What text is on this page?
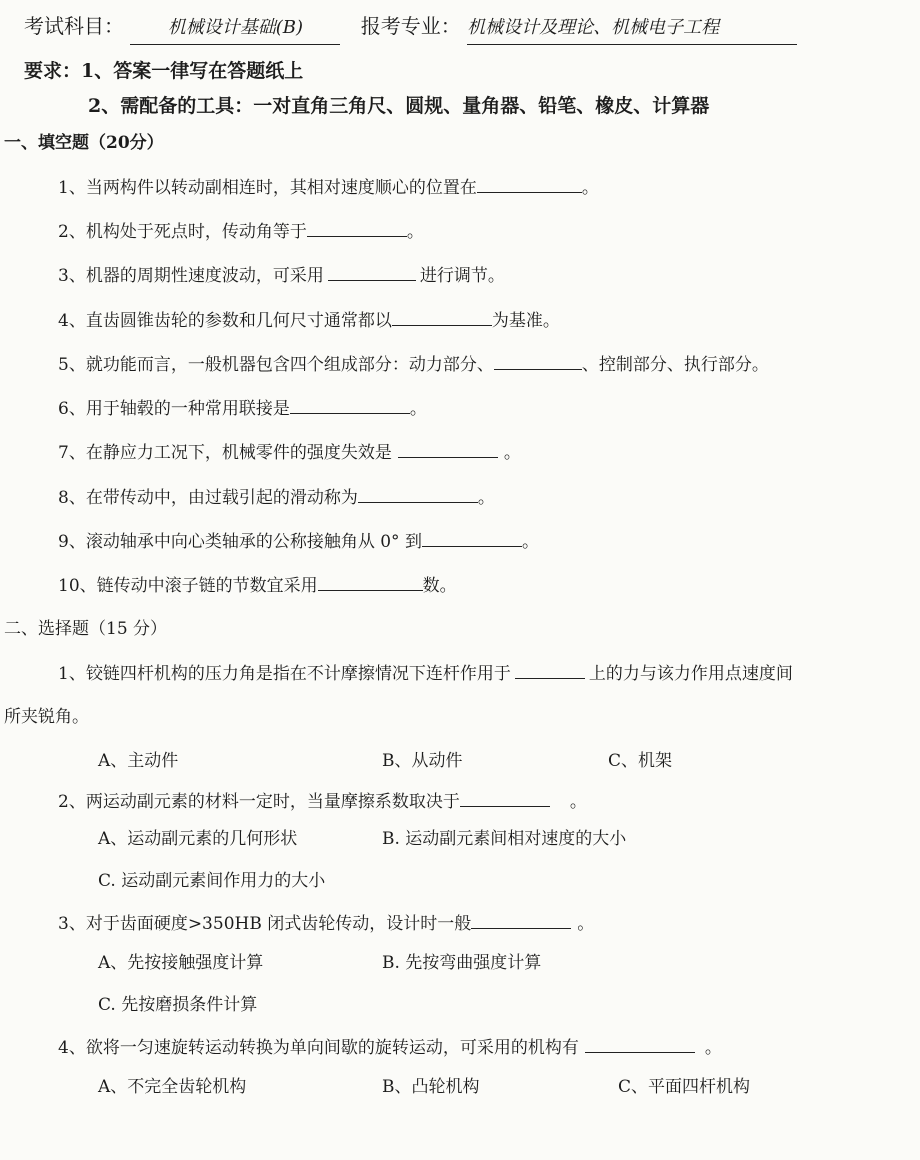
考试科目： 机械设计基础(B)	报考专业： 机械设计及理论、机械电子工程
要求：1、答案一律写在答题纸上
2、需配备的工具：一对直角三角尺、圆规、量角器、铅笔、橡皮、计算器
一、填空题（20分）
1、当两构件以转动副相连时，其相对速度顺心的位置在	。
2、机构处于死点时，传动角等于	。
3、机器的周期性速度波动，可采用	进行调节。
4、直齿圆锥齿轮的参数和几何尺寸通常都以	为基准。
5、就功能而言，一般机器包含四个组成部分：动力部分、	、控制部分、执行部分。
6、用于轴毂的一种常用联接是	。
7、在静应力工况下，机械零件的强度失效是	。
8、在带传动中，由过载引起的滑动称为	。
9、滚动轴承中向心类轴承的公称接触角从 0° 到	。
10、链传动中滚子链的节数宜采用	数。
二、选择题（15 分）
1、铰链四杆机构的压力角是指在不计摩擦情况下连杆作用于	上的力与该力作用点速度间
所夹锐角。
A、主动件	B、从动件	C、机架
2、两运动副元素的材料一定时，当量摩擦系数取决于	。
A、运动副元素的几何形状	B. 运动副元素间相对速度的大小
C. 运动副元素间作用力的大小
3、对于齿面硬度>350HB 闭式齿轮传动，设计时一般	。
A、先按接触强度计算	B. 先按弯曲强度计算
C. 先按磨损条件计算
4、欲将一匀速旋转运动转换为单向间歇的旋转运动，可采用的机构有	。
A、不完全齿轮机构	B、凸轮机构	C、平面四杆机构
